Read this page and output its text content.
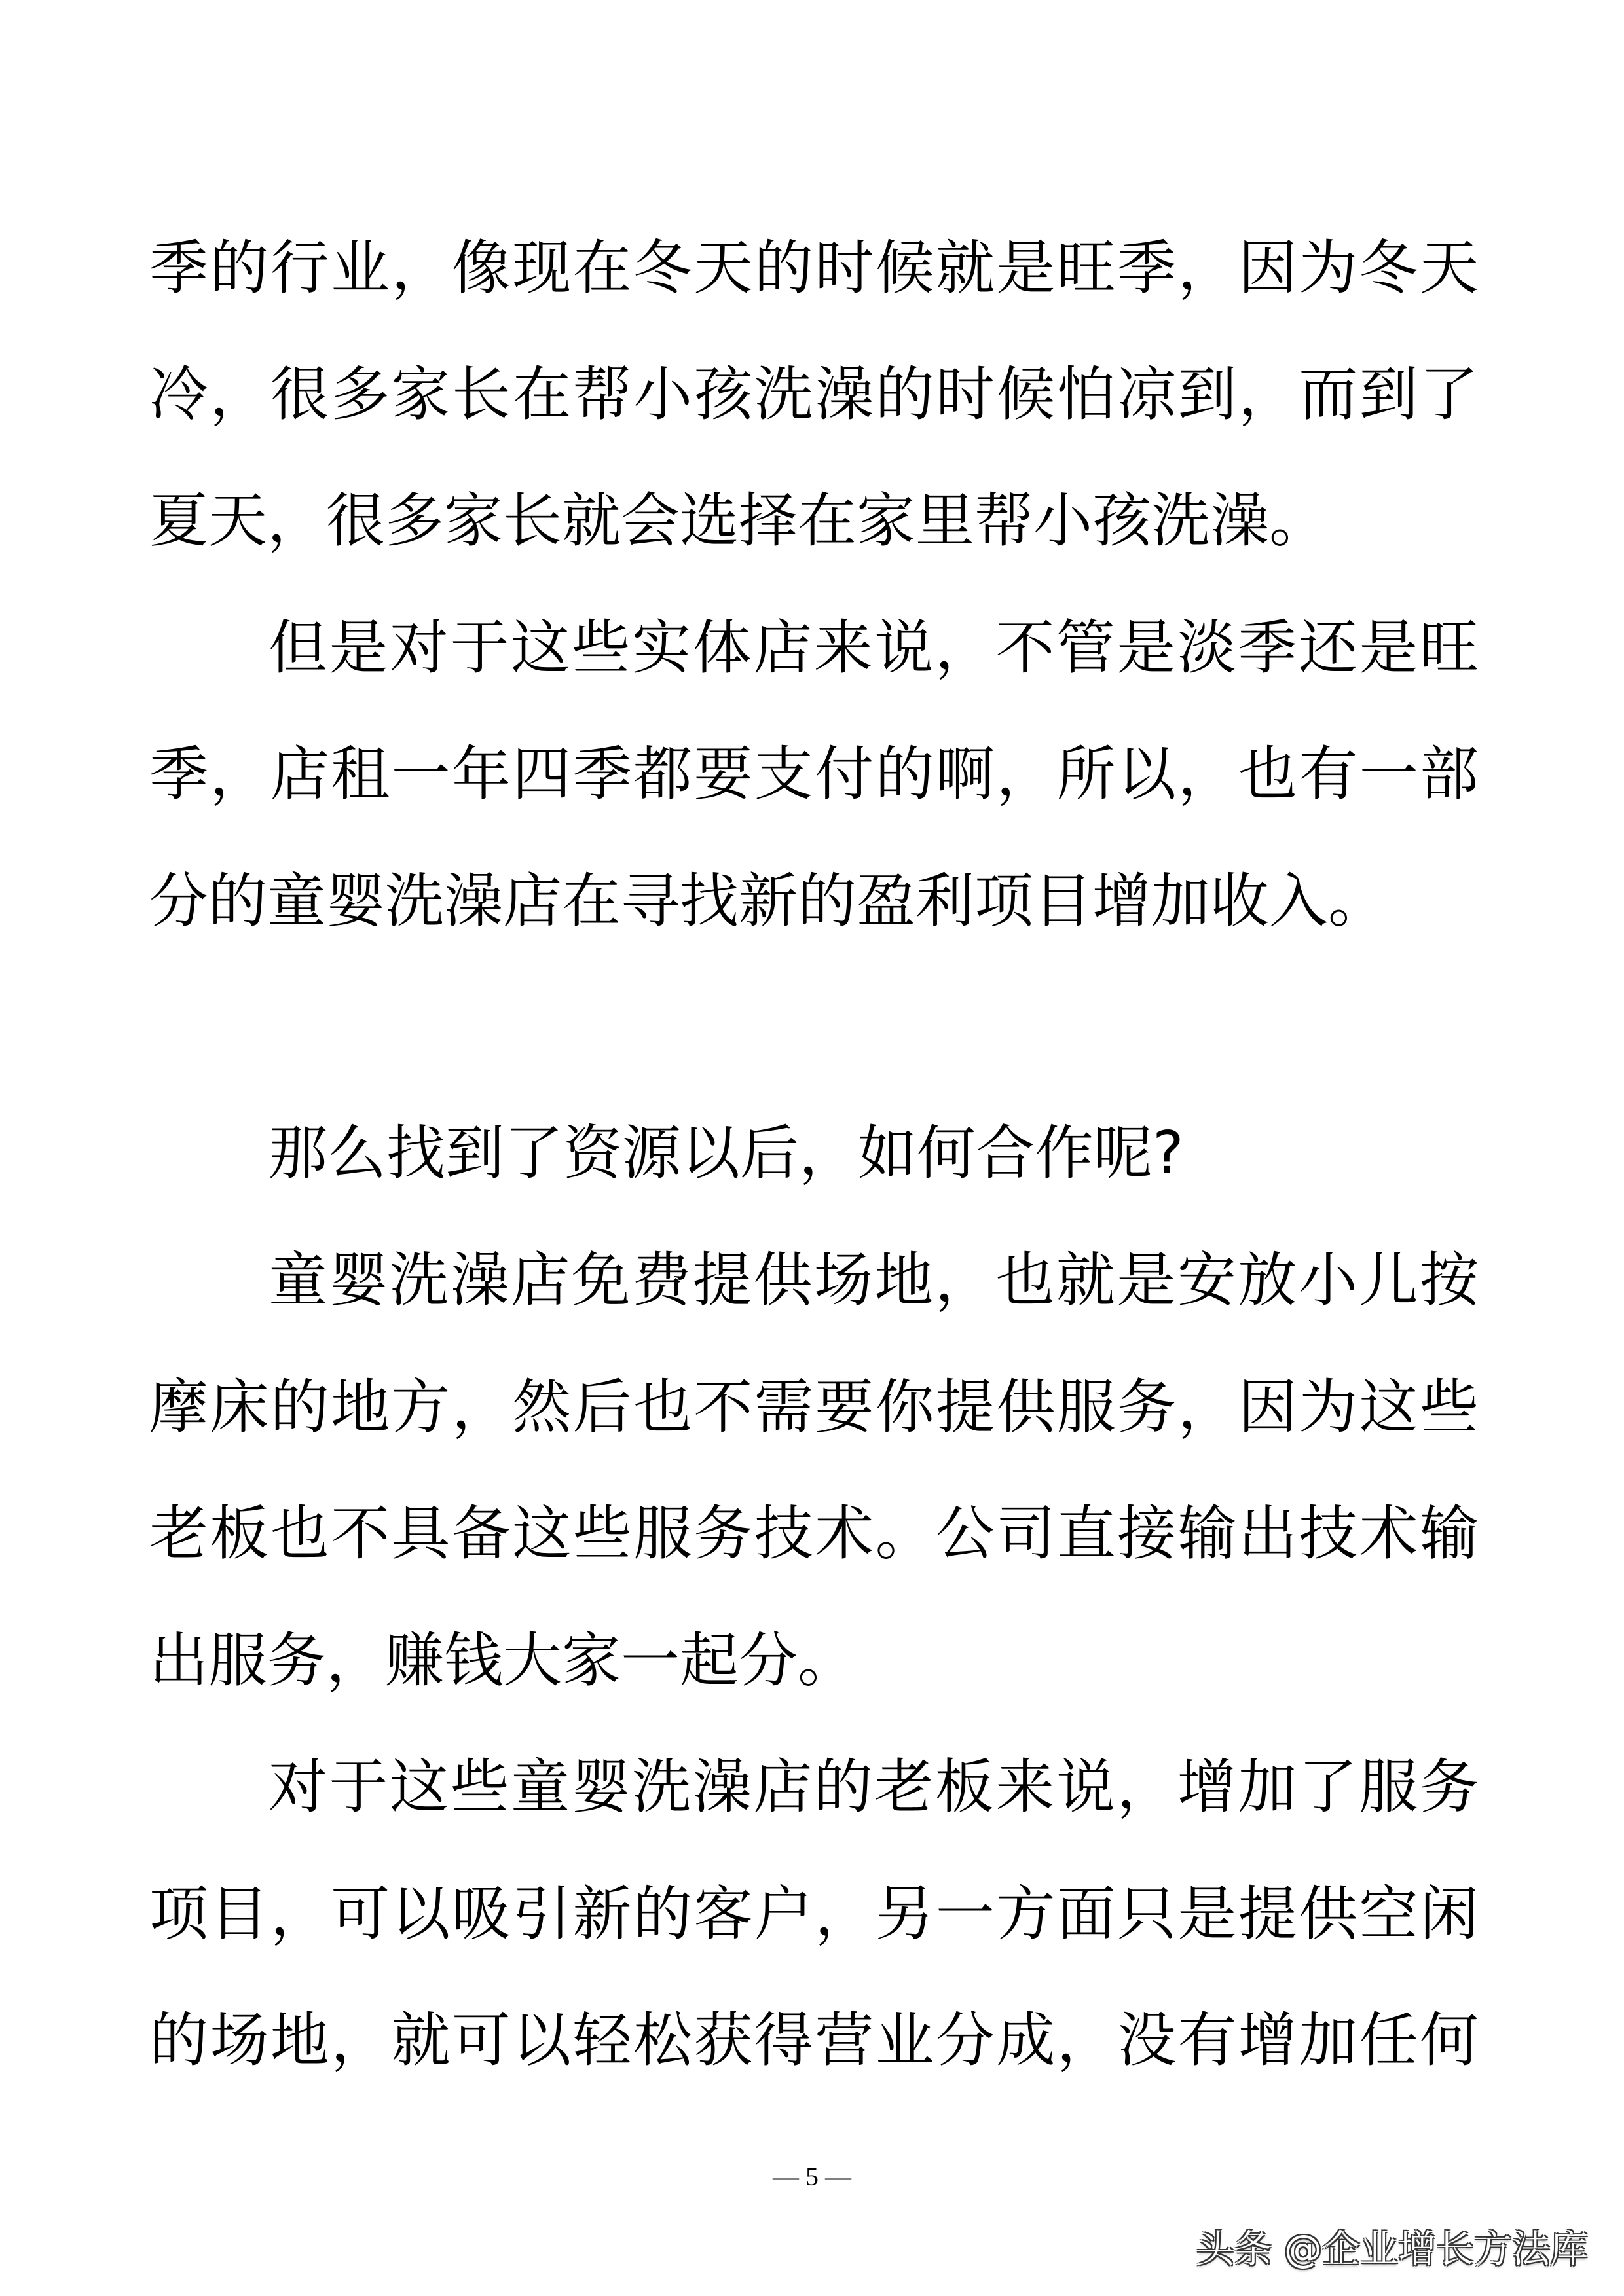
季的行业，像现在冬天的时候就是旺季，因为冬天
冷，很多家长在帮小孩洗澡的时候怕凉到，而到了
夏天，很多家长就会选择在家里帮小孩洗澡。
但是对于这些实体店来说，不管是淡季还是旺
季，店租一年四季都要支付的啊，所以，也有一部
分的童婴洗澡店在寻找新的盈利项目增加收入。
那么找到了资源以后，如何合作呢?
童婴洗澡店免费提供场地，也就是安放小儿按
摩床的地方，然后也不需要你提供服务，因为这些
老板也不具备这些服务技术。公司直接输出技术输
出服务，赚钱大家一起分。
对于这些童婴洗澡店的老板来说，增加了服务
项目，可以吸引新的客户，另一方面只是提供空闲
的场地，就可以轻松获得营业分成，没有增加任何
— 5 —
头条 @企业增长方法库
